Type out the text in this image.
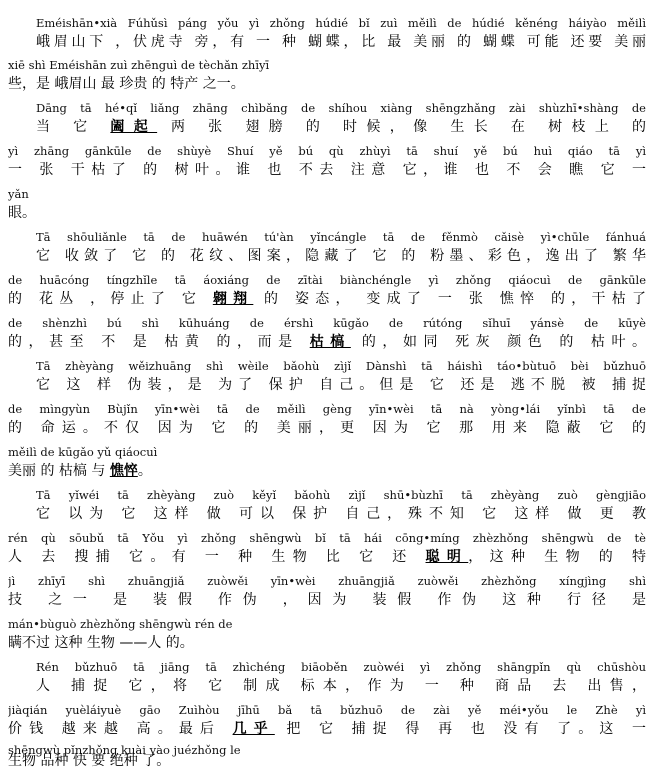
Eméishān•xià Fúhǔsì páng yǒu yì zhǒng húdié bǐ zuì měilì de húdié kěnéng háiyào měilì

峨眉山下 ，伏虎寺 旁，有 一 种 蝴蝶，比 最 美丽 的 蝴蝶 可能 还要 美丽

xiē shì Eméishān zuì zhēnguì de tèchǎn zhīyī

些，是 峨眉山 最 珍贵 的 特产 之一。

Dāng tā hé•qǐ liǎng zhāng chìbǎng de shíhou xiàng shēngzhǎng zài shùzhī•shàng de

当 它 阖起 两 张 翅膀 的 时候，像 生长 在 树枝上 的

yì zhāng gānkūle de shùyè Shuí yě bú qù zhùyì tā shuí yě bú huì qiáo tā yì

一 张 干枯了 的 树叶。谁 也 不去 注意 它，谁 也 不 会 瞧 它 一

yǎn

眼。

Tā shōuliǎnle tā de huāwén tú'àn yǐncángle tā de fěnmò cǎisè yì•chūle fánhuá

它 收敛了 它 的 花纹、图案，隐藏了 它 的 粉墨、彩色，逸出了 繁华

de huācóng tíngzhǐle tā áoxiáng de zītài biànchéngle yì zhǒng qiáocuì de gānkūle

的 花丛 ，停止了 它 翱翔 的 姿态， 变成了 一 张 憔悴 的，干枯了

de shènzhì bú shì kūhuáng de érshì kūgǎo de rútóng sǐhuī yánsè de kūyè

的，甚至 不 是 枯黄 的，而是 枯槁 的，如同 死灰 颜色 的 枯叶。

Tā zhèyàng wěizhuāng shì wèile bǎohù zìjǐ Dànshì tā háishì táo•bùtuō bèi bǔzhuō

它 这 样 伪装，是 为了 保护 自己。但是 它 还是 逃不脱 被 捕捉

de mìngyùn Bùjǐn yīn•wèi tā de měilì gèng yīn•wèi tā nà yòng•lái yǐnbì tā de

的 命运。不仅 因为 它 的 美丽，更 因为 它 那 用来 隐蔽 它 的

měilì de kūgǎo yǔ qiáocuì

美丽 的 枯槁 与 憔悴。

Tā yǐwéi tā zhèyàng zuò kěyǐ bǎohù zìjǐ shū•bùzhī tā zhèyàng zuò gèngjiāo

它 以为 它 这样 做 可以 保护 自己，殊不知 它 这样 做 更 教

rén qù sōubǔ tā Yǒu yì zhǒng shēngwù bǐ tā hái cōng•míng zhèzhǒng shēngwù de tè

人 去 搜捕 它。有 一 种 生物 比 它 还 聪明，这种 生物 的 特

jì zhīyī shì zhuāngjiǎ zuòwěi yīn•wèi zhuāngjiǎ zuòwěi zhèzhǒng xíngjìng shì

技 之一 是 装假 作伪 ，因为 装假 作伪 这种 行径 是

mán•bùguò zhèzhǒng shēngwù rén de

瞒不过 这种 生物 ——人 的。

Rén bǔzhuō tā jiāng tā zhìchéng biāoběn zuòwéi yì zhǒng shāngpǐn qù chūshòu

人 捕捉 它，将 它 制成 标本，作为 一 种 商品 去 出售，

jiàqián yuèláiyuè gāo Zuìhòu jīhū bǎ tā bǔzhuō de zài yě méi•yǒu le Zhè yì

价钱 越来越 高。最后 几乎 把 它 捕捉 得 再 也 没有 了。这 一

shēngwù pǐnzhǒng kuài yào juézhǒng le

生物 品种 快 要 绝种 了。
